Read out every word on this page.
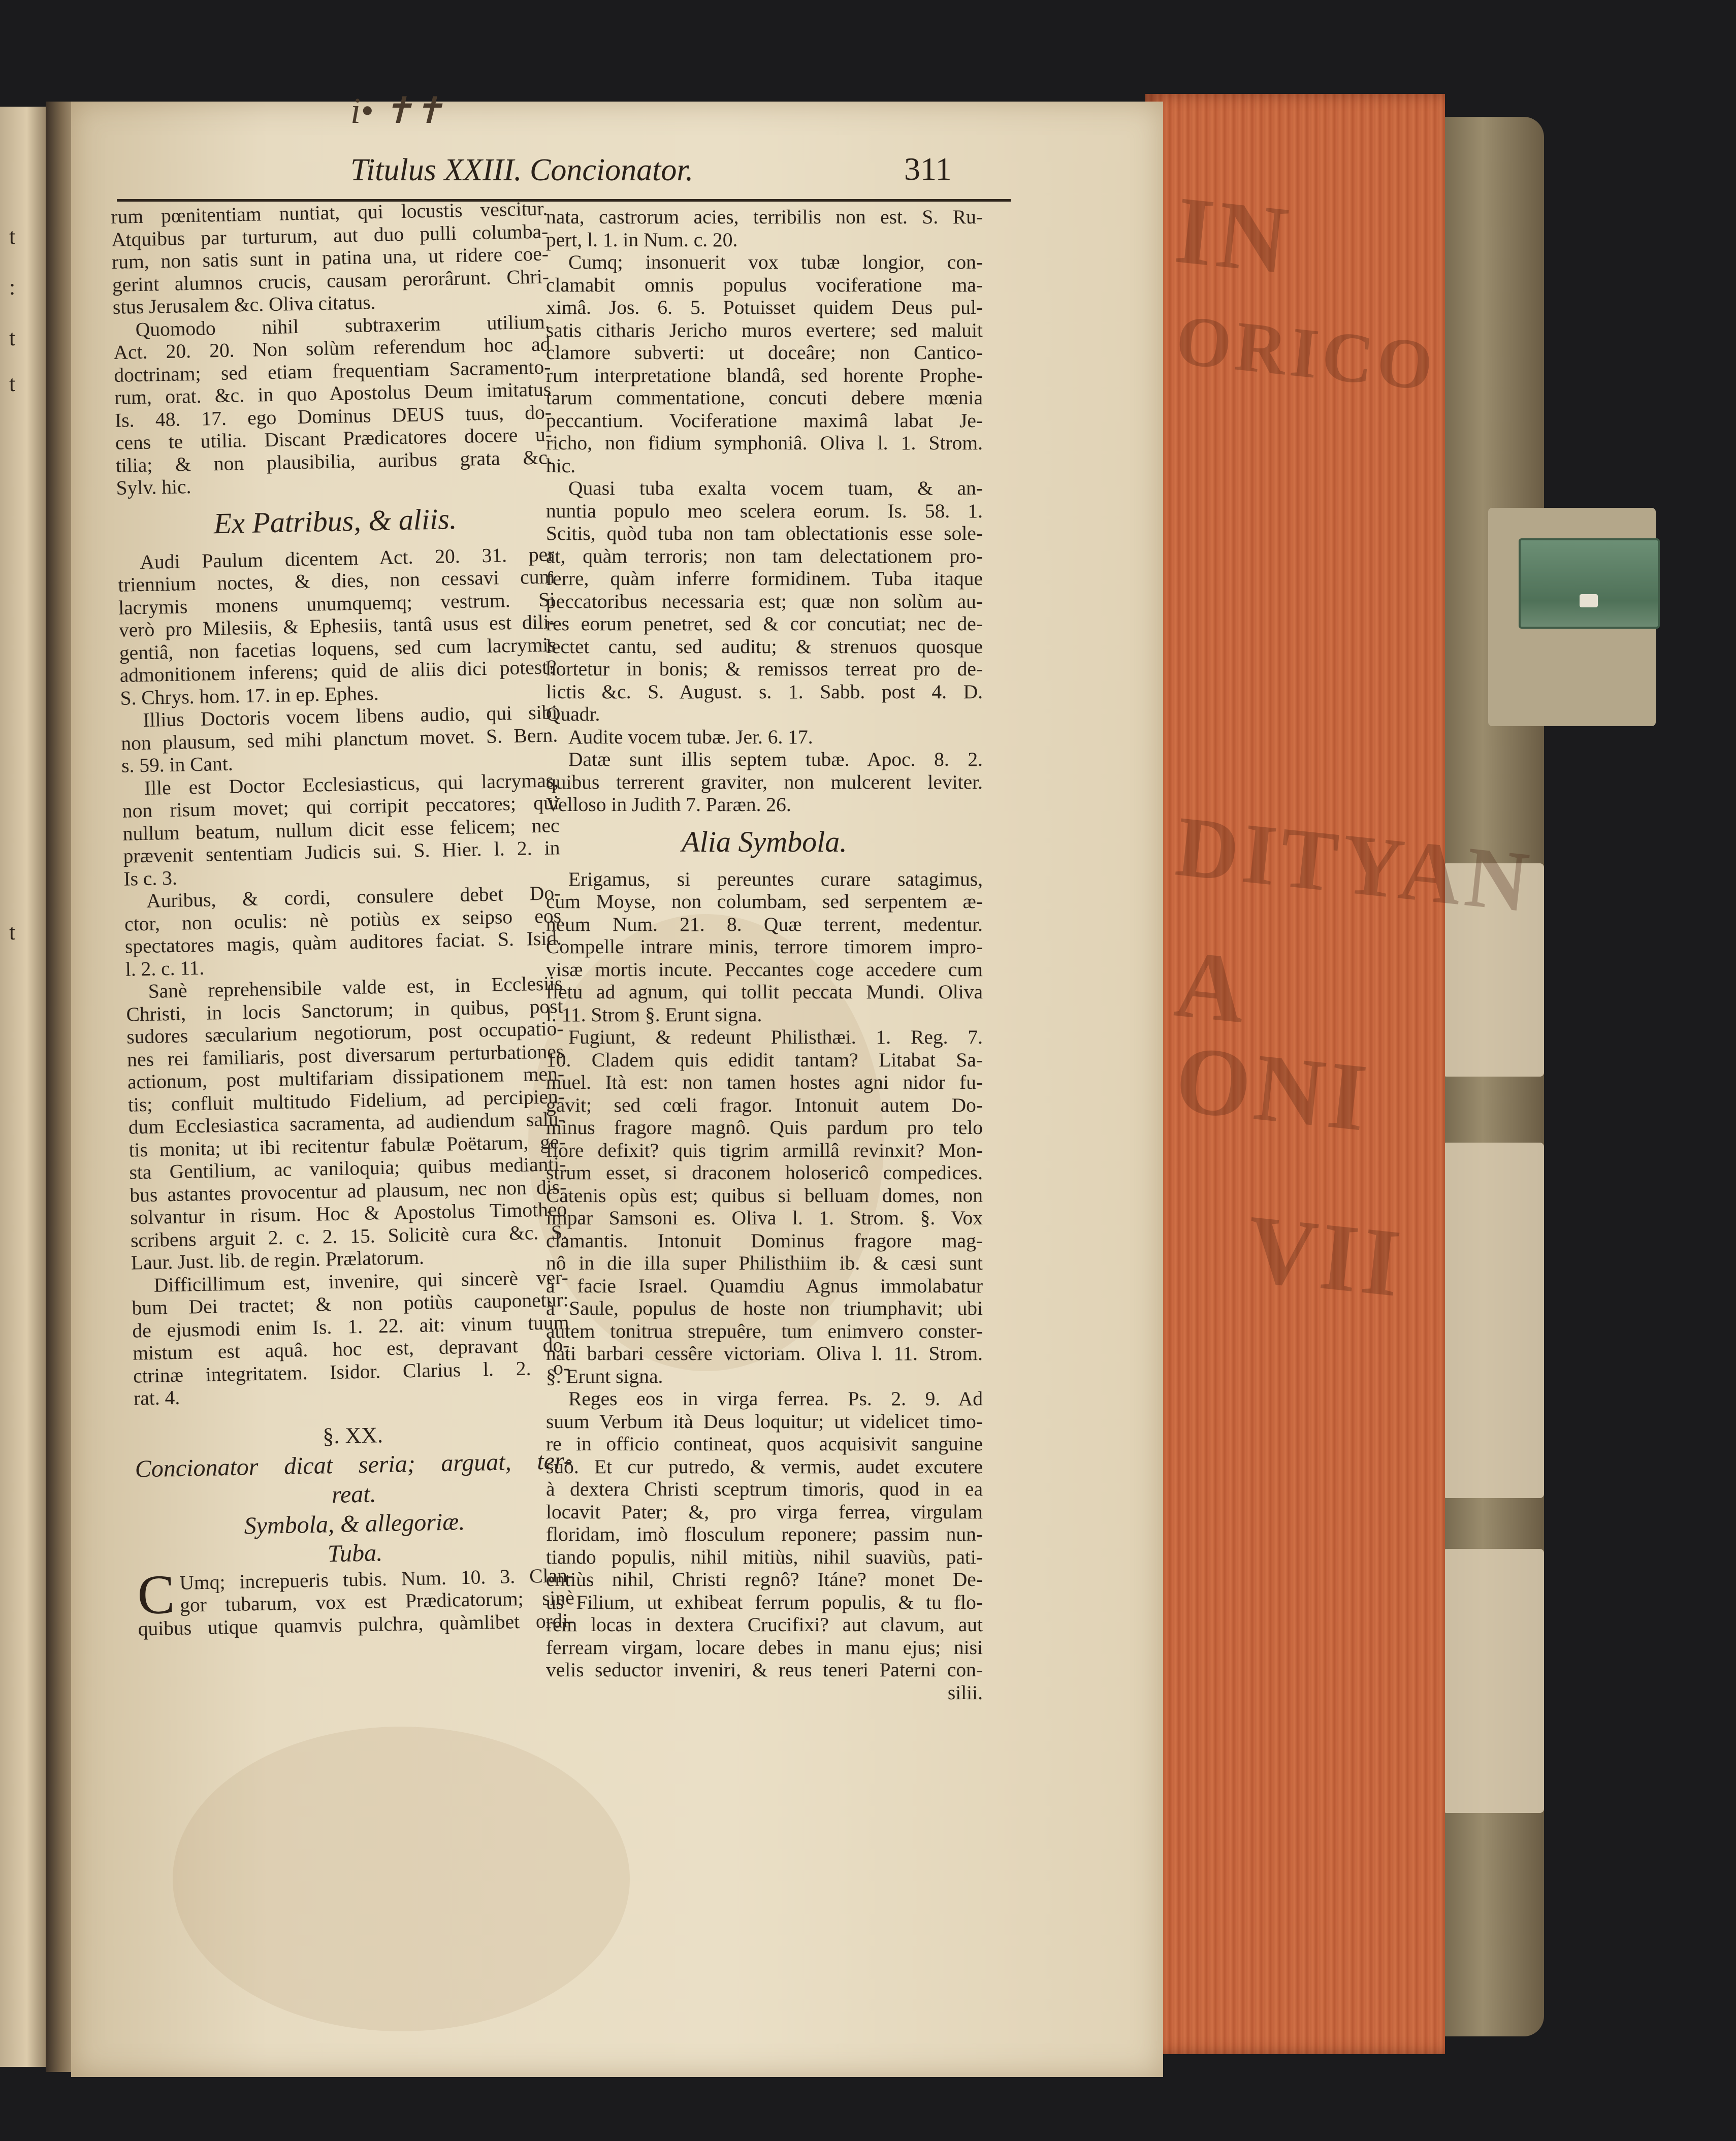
t
:
t
t
t
IN
ORICO
DITYAN
A
ONI
VII
i• ✝✝
Titulus XXIII. Concionator.	311
rum pœnitentiam nuntiat, qui locustis vescitur.
Atquibus par turturum, aut duo pulli columba-
rum, non satis sunt in patina una, ut ridere coe-
gerint alumnos crucis, causam perorârunt. Chri-
stus Jerusalem &c. Oliva citatus.
Quomodo nihil subtraxerim utilium.
Act. 20. 20. Non solùm referendum hoc ad
doctrinam; sed etiam frequentiam Sacramento-
rum, orat. &c. in quo Apostolus Deum imitatus
Is. 48. 17. ego Dominus DEUS tuus, do-
cens te utilia. Discant Prædicatores docere u-
tilia; & non plausibilia, auribus grata &c.
Sylv. hic.
Ex Patribus, & aliis.
Audi Paulum dicentem Act. 20. 31. per
triennium noctes, & dies, non cessavi cum
lacrymis monens unumquemq; vestrum. Si
verò pro Milesiis, & Ephesiis, tantâ usus est dili-
gentiâ, non facetias loquens, sed cum lacrymis
admonitionem inferens; quid de aliis dici potest?
S. Chrys. hom. 17. in ep. Ephes.
Illius Doctoris vocem libens audio, qui sibi
non plausum, sed mihi planctum movet. S. Bern.
s. 59. in Cant.
Ille est Doctor Ecclesiasticus, qui lacrymas,
non risum movet; qui corripit peccatores; qui
nullum beatum, nullum dicit esse felicem; nec
prævenit sententiam Judicis sui. S. Hier. l. 2. in
Is c. 3.
Auribus, & cordi, consulere debet Do-
ctor, non oculis: nè potiùs ex seipso eos
spectatores magis, quàm auditores faciat. S. Isid.
l. 2. c. 11.
Sanè reprehensibile valde est, in Ecclesiis
Christi, in locis Sanctorum; in quibus, post
sudores sæcularium negotiorum, post occupatio-
nes rei familiaris, post diversarum perturbationes
actionum, post multifariam dissipationem men-
tis; confluit multitudo Fidelium, ad percipien-
dum Ecclesiastica sacramenta, ad audiendum salu-
tis monita; ut ibi recitentur fabulæ Poëtarum, ge-
sta Gentilium, ac vaniloquia; quibus medianti-
bus astantes provocentur ad plausum, nec non dis-
solvantur in risum. Hoc & Apostolus Timotheo
scribens arguit 2. c. 2. 15. Solicitè cura &c. S.
Laur. Just. lib. de regin. Prælatorum.
Difficillimum est, invenire, qui sincerè ver-
bum Dei tractet; & non potiùs cauponetur:
de ejusmodi enim Is. 1. 22. ait: vinum tuum
mistum est aquâ. hoc est, depravant do-
ctrinæ integritatem. Isidor. Clarius l. 2. o-
rat. 4.
§. XX.
Concionator dicat seria; arguat, ter-
reat.
Symbola, & allegoriæ.
Tuba.
C Umq; increpueris tubis. Num. 10. 3. Clan-
gor tubarum, vox est Prædicatorum; sinè
quibus utique quamvis pulchra, quàmlibet ordi-
nata, castrorum acies, terribilis non est. S. Ru-
pert, l. 1. in Num. c. 20.
Cumq; insonuerit vox tubæ longior, con-
clamabit omnis populus vociferatione ma-
ximâ. Jos. 6. 5. Potuisset quidem Deus pul-
satis citharis Jericho muros evertere; sed maluit
clamore subverti: ut doceâre; non Cantico-
rum interpretatione blandâ, sed horente Prophe-
tarum commentatione, concuti debere mœnia
peccantium. Vociferatione maximâ labat Je-
richo, non fidium symphoniâ. Oliva l. 1. Strom.
hic.
Quasi tuba exalta vocem tuam, & an-
nuntia populo meo scelera eorum. Is. 58. 1.
Scitis, quòd tuba non tam oblectationis esse sole-
at, quàm terroris; non tam delectationem pro-
ferre, quàm inferre formidinem. Tuba itaque
peccatoribus necessaria est; quæ non solùm au-
res eorum penetret, sed & cor concutiat; nec de-
lectet cantu, sed auditu; & strenuos quosque
hortetur in bonis; & remissos terreat pro de-
lictis &c. S. August. s. 1. Sabb. post 4. D.
Quadr.
Audite vocem tubæ. Jer. 6. 17.
Datæ sunt illis septem tubæ. Apoc. 8. 2.
quibus terrerent graviter, non mulcerent leviter.
Velloso in Judith 7. Paræn. 26.
Alia Symbola.
Erigamus, si pereuntes curare satagimus,
cum Moyse, non columbam, sed serpentem æ-
neum Num. 21. 8. Quæ terrent, medentur.
Compelle intrare minis, terrore timorem impro-
visæ mortis incute. Peccantes coge accedere cum
fletu ad agnum, qui tollit peccata Mundi. Oliva
l. 11. Strom §. Erunt signa.
Fugiunt, & redeunt Philisthæi. 1. Reg. 7.
10. Cladem quis edidit tantam? Litabat Sa-
muel. Ità est: non tamen hostes agni nidor fu-
gavit; sed cœli fragor. Intonuit autem Do-
minus fragore magnô. Quis pardum pro telo
flore defixit? quis tigrim armillâ revinxit? Mon-
strum esset, si draconem holosericô compedices.
Catenis opùs est; quibus si belluam domes, non
impar Samsoni es. Oliva l. 1. Strom. §. Vox
clamantis. Intonuit Dominus fragore mag-
nô in die illa super Philisthiim ib. & cæsi sunt
à facie Israel. Quamdiu Agnus immolabatur
à Saule, populus de hoste non triumphavit; ubi
autem tonitrua strepuêre, tum enimvero conster-
nati barbari cessêre victoriam. Oliva l. 11. Strom.
§. Erunt signa.
Reges eos in virga ferrea. Ps. 2. 9. Ad
suum Verbum ità Deus loquitur; ut videlicet timo-
re in officio contineat, quos acquisivit sanguine
suô. Et cur putredo, & vermis, audet excutere
à dextera Christi sceptrum timoris, quod in ea
locavit Pater; &, pro virga ferrea, virgulam
floridam, imò flosculum reponere; passim nun-
tiando populis, nihil mitiùs, nihil suaviùs, pati-
entiùs nihil, Christi regnô? Itáne? monet De-
us Filium, ut exhibeat ferrum populis, & tu flo-
rem locas in dextera Crucifixi? aut clavum, aut
ferream virgam, locare debes in manu ejus; nisi
velis seductor inveniri, & reus teneri Paterni con-
silii.
